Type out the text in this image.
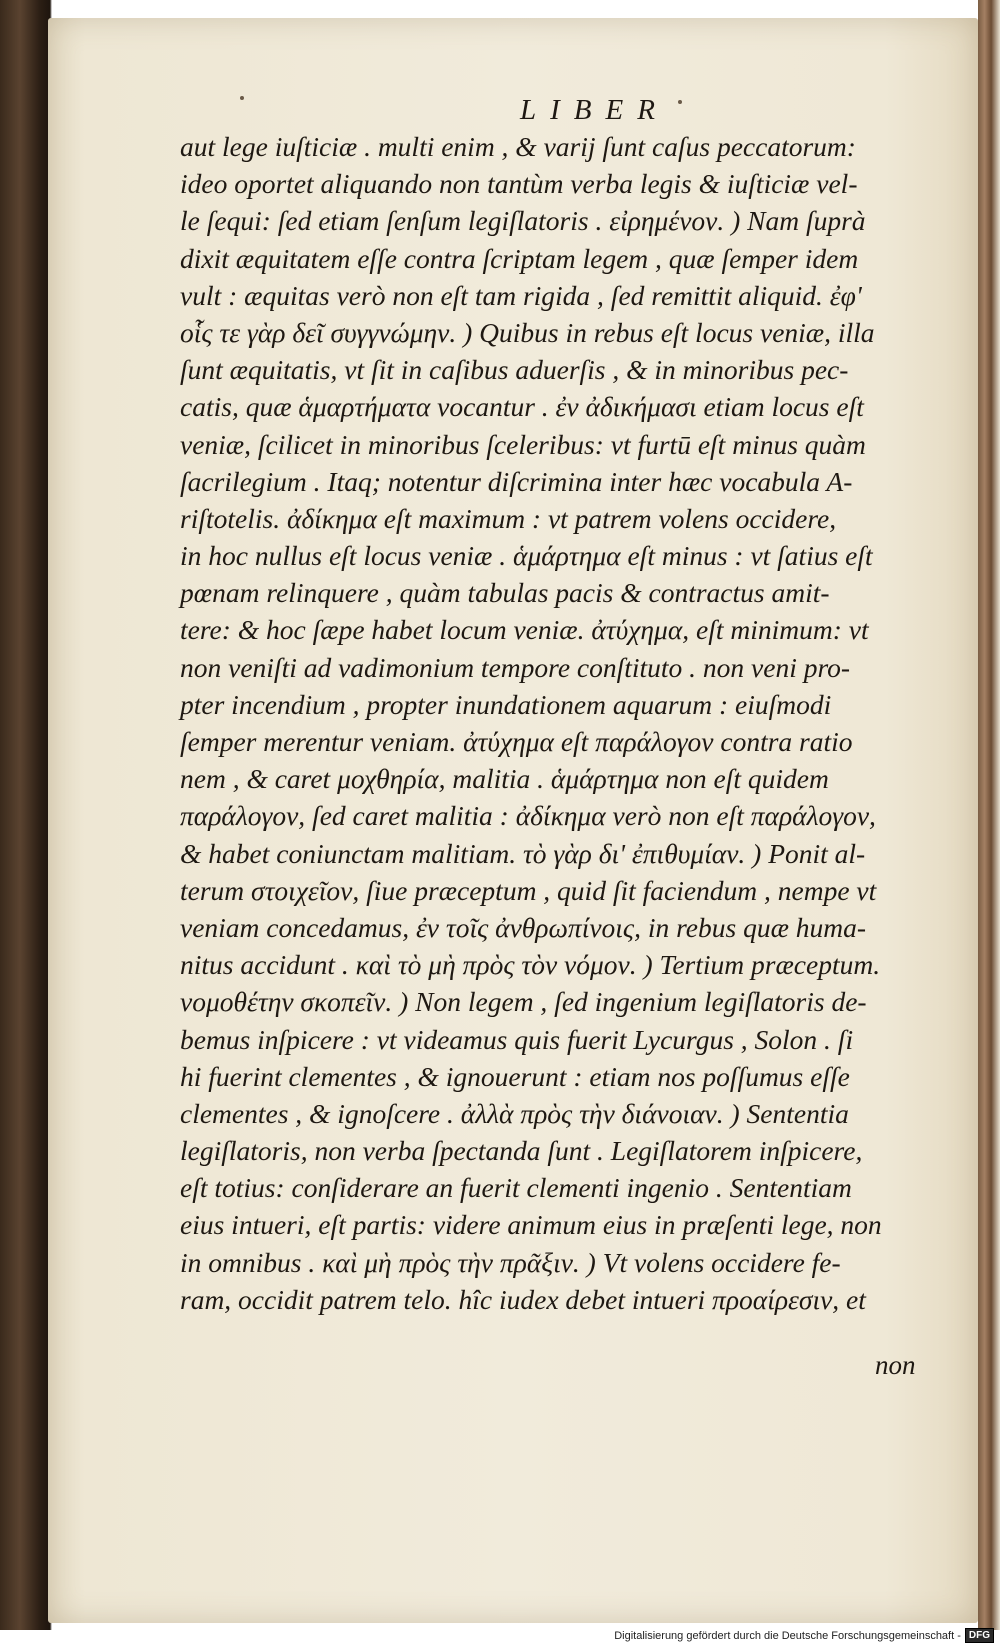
LIBER
aut lege iuſticiæ . multi enim , & varij ſunt caſus peccatorum:
ideo oportet aliquando non tantùm verba legis & iuſticiæ vel-
le ſequi: ſed etiam ſenſum legiſlatoris . εἰρημένον. ) Nam ſuprà
dixit æquitatem eſſe contra ſcriptam legem , quæ ſemper idem
vult : æquitas verò non eſt tam rigida , ſed remittit aliquid. ἐφ'
οἷς τε γὰρ δεῖ συγγνώμην. ) Quibus in rebus eſt locus veniæ, illa
ſunt æquitatis, vt ſit in caſibus aduerſis , & in minoribus pec-
catis, quæ ἁμαρτήματα vocantur . ἐν ἀδικήμασι etiam locus eſt
veniæ, ſcilicet in minoribus ſceleribus: vt furtū eſt minus quàm
ſacrilegium . Itaq; notentur diſcrimina inter hæc vocabula A-
riſtotelis. ἀδίκημα eſt maximum : vt patrem volens occidere,
in hoc nullus eſt locus veniæ . ἁμάρτημα eſt minus : vt ſatius eſt
pœnam relinquere , quàm tabulas pacis & contractus amit-
tere: & hoc ſæpe habet locum veniæ. ἀτύχημα, eſt minimum: vt
non veniſti ad vadimonium tempore conſtituto . non veni pro-
pter incendium , propter inundationem aquarum : eiuſmodi
ſemper merentur veniam. ἀτύχημα eſt παράλογον contra ratio
nem , & caret μοχθηρία, malitia . ἁμάρτημα non eſt quidem
παράλογον, ſed caret malitia : ἀδίκημα verò non eſt παράλογον,
& habet coniunctam malitiam. τὸ γὰρ δι' ἐπιθυμίαν. ) Ponit al-
terum στοιχεῖον, ſiue præceptum , quid ſit faciendum , nempe vt
veniam concedamus, ἐν τοῖς ἀνθρωπίνοις, in rebus quæ huma-
nitus accidunt . καὶ τὸ μὴ πρὸς τὸν νόμον. ) Tertium præceptum.
νομοθέτην σκοπεῖν. ) Non legem , ſed ingenium legiſlatoris de-
bemus inſpicere : vt videamus quis fuerit Lycurgus , Solon . ſi
hi fuerint clementes , & ignouerunt : etiam nos poſſumus eſſe
clementes , & ignoſcere . ἀλλὰ πρὸς τὴν διάνοιαν. ) Sententia
legiſlatoris, non verba ſpectanda ſunt . Legiſlatorem inſpicere,
eſt totius: conſiderare an fuerit clementi ingenio . Sententiam
eius intueri, eſt partis: videre animum eius in præſenti lege, non
in omnibus . καὶ μὴ πρὸς τὴν πρᾶξιν. ) Vt volens occidere fe-
ram, occidit patrem telo. hîc iudex debet intueri προαίρεσιν, et
non
Digitalisierung gefördert durch die Deutsche Forschungsgemeinschaft - DFG
